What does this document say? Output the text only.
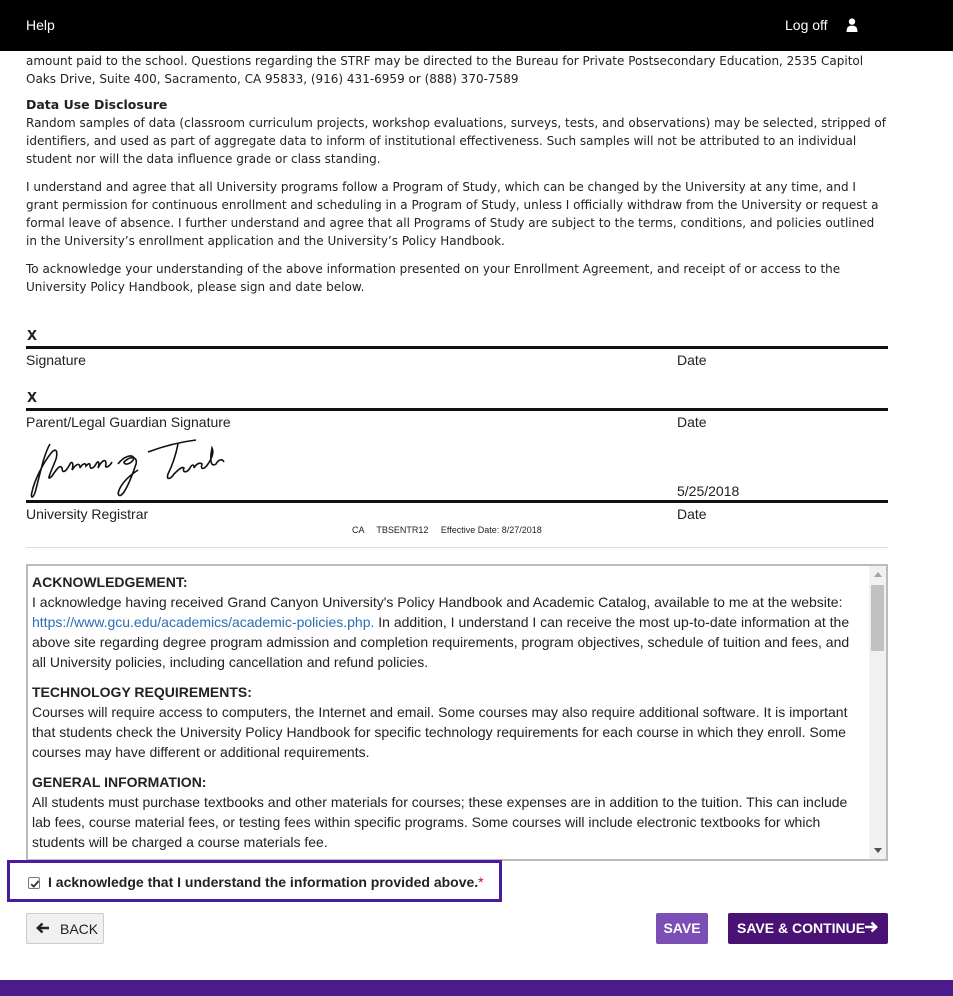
Help	Log off

amount paid to the school. Questions regarding the STRF may be directed to the Bureau for Private Postsecondary Education, 2535 Capitol Oaks Drive, Suite 400, Sacramento, CA 95833, (916) 431-6959 or (888) 370-7589

Data Use Disclosure

Random samples of data (classroom curriculum projects, workshop evaluations, surveys, tests, and observations) may be selected, stripped of identifiers, and used as part of aggregate data to inform of institutional effectiveness. Such samples will not be attributed to an individual student nor will the data influence grade or class standing.

I understand and agree that all University programs follow a Program of Study, which can be changed by the University at any time, and I grant permission for continuous enrollment and scheduling in a Program of Study, unless I officially withdraw from the University or request a formal leave of absence. I further understand and agree that all Programs of Study are subject to the terms, conditions, and policies outlined in the University’s enrollment application and the University’s Policy Handbook.

To acknowledge your understanding of the above information presented on your Enrollment Agreement, and receipt of or access to the University Policy Handbook, please sign and date below.

X
Signature	Date
X
Parent/Legal Guardian Signature	Date
5/25/2018
University Registrar	Date
CA     TBSENTR12     Effective Date: 8/27/2018
ACKNOWLEDGEMENT:

I acknowledge having received Grand Canyon University's Policy Handbook and Academic Catalog, available to me at the website:
https://www.gcu.edu/academics/academic-policies.php. In addition, I understand I can receive the most up-to-date information at the above site regarding degree program admission and completion requirements, program objectives, schedule of tuition and fees, and all University policies, including cancellation and refund policies.

TECHNOLOGY REQUIREMENTS:

Courses will require access to computers, the Internet and email. Some courses may also require additional software. It is important that students check the University Policy Handbook for specific technology requirements for each course in which they enroll. Some courses may have different or additional requirements.

GENERAL INFORMATION:

All students must purchase textbooks and other materials for courses; these expenses are in addition to the tuition. This can include lab fees, course material fees, or testing fees within specific programs. Some courses will include electronic textbooks for which students will be charged a course materials fee.

I acknowledge that I understand the information provided above.*
BACK	SAVE	SAVE & CONTINUE
